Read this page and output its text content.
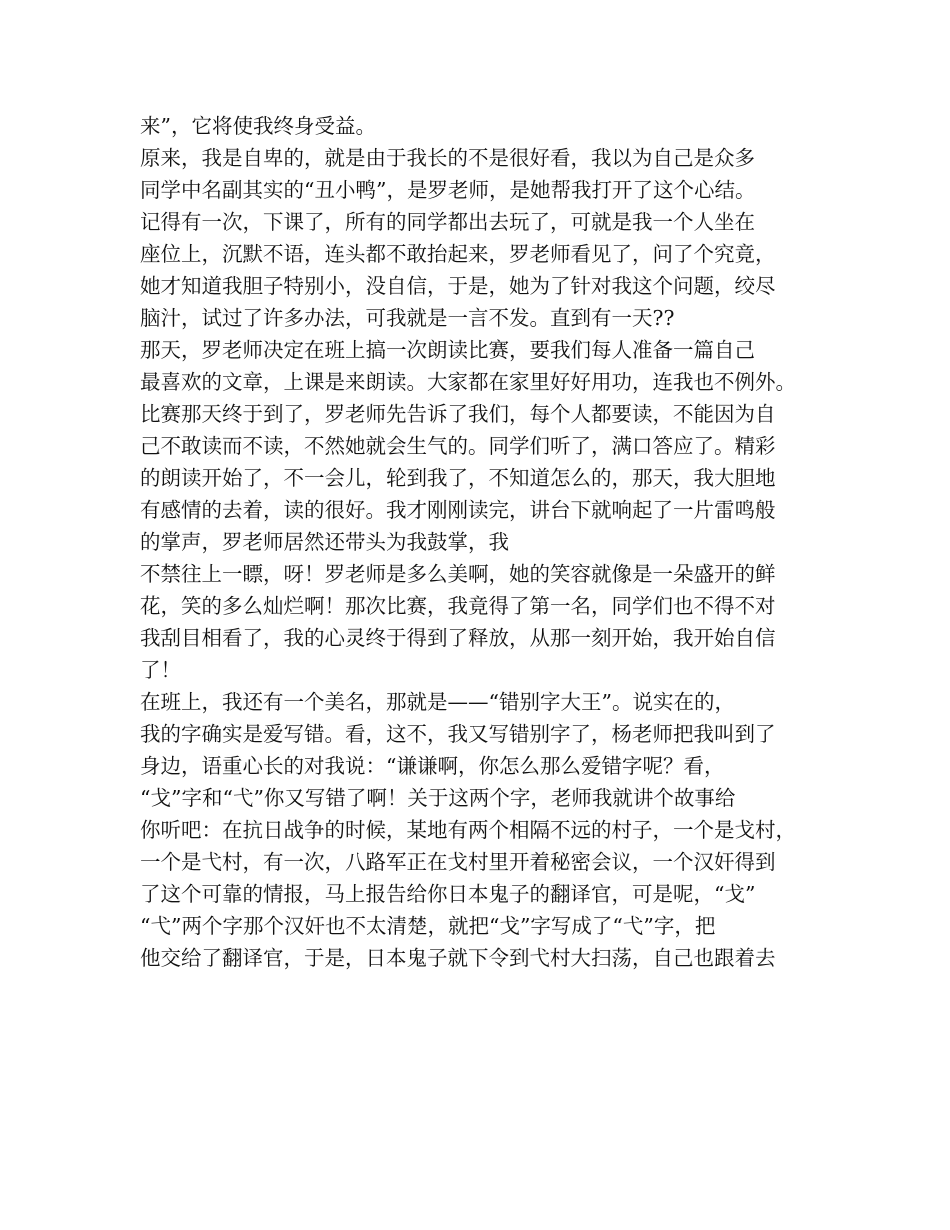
来”，它将使我终身受益。
原来，我是自卑的，就是由于我长的不是很好看，我以为自己是众多
同学中名副其实的“丑小鸭”，是罗老师，是她帮我打开了这个心结。
记得有一次，下课了，所有的同学都出去玩了，可就是我一个人坐在
座位上，沉默不语，连头都不敢抬起来，罗老师看见了，问了个究竟，
她才知道我胆子特别小，没自信，于是，她为了针对我这个问题，绞尽
脑汁，试过了许多办法，可我就是一言不发。直到有一天??
那天，罗老师决定在班上搞一次朗读比赛，要我们每人准备一篇自己
最喜欢的文章，上课是来朗读。大家都在家里好好用功，连我也不例外。
比赛那天终于到了，罗老师先告诉了我们，每个人都要读，不能因为自
己不敢读而不读，不然她就会生气的。同学们听了，满口答应了。精彩
的朗读开始了，不一会儿，轮到我了，不知道怎么的，那天，我大胆地
有感情的去着，读的很好。我才刚刚读完，讲台下就响起了一片雷鸣般
的掌声，罗老师居然还带头为我鼓掌，我
不禁往上一瞟，呀！罗老师是多么美啊，她的笑容就像是一朵盛开的鲜
花，笑的多么灿烂啊！那次比赛，我竟得了第一名，同学们也不得不对
我刮目相看了，我的心灵终于得到了释放，从那一刻开始，我开始自信
了！
在班上，我还有一个美名，那就是——“错别字大王”。说实在的，
我的字确实是爱写错。看，这不，我又写错别字了，杨老师把我叫到了
身边，语重心长的对我说：“谦谦啊，你怎么那么爱错字呢？看，
“戈”字和“弋”你又写错了啊！关于这两个字，老师我就讲个故事给
你听吧：在抗日战争的时候，某地有两个相隔不远的村子，一个是戈村，
一个是弋村，有一次，八路军正在戈村里开着秘密会议，一个汉奸得到
了这个可靠的情报，马上报告给你日本鬼子的翻译官，可是呢，“戈”
“弋”两个字那个汉奸也不太清楚，就把“戈”字写成了“弋”字，把
他交给了翻译官，于是，日本鬼子就下令到弋村大扫荡，自己也跟着去
